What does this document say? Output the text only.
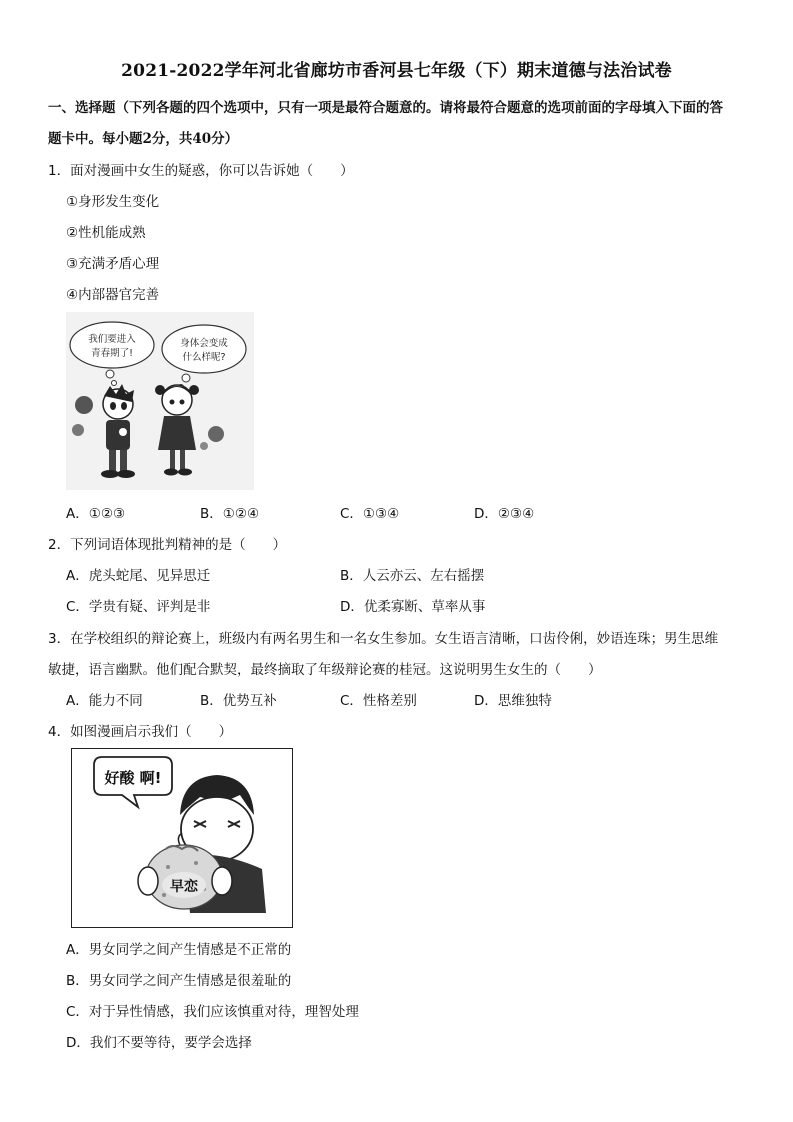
2021-2022学年河北省廊坊市香河县七年级（下）期末道德与法治试卷
一、选择题（下列各题的四个选项中，只有一项是最符合题意的。请将最符合题意的选项前面的字母填入下面的答
题卡中。每小题2分，共40分）
1．面对漫画中女生的疑惑，你可以告诉她（　　）
①身形发生变化
②性机能成熟
③充满矛盾心理
④内部器官完善
我们要进入
青春期了!
身体会变成
什么样呢?
A．①②③	B．①②④	C．①③④	D．②③④
2．下列词语体现批判精神的是（　　）
A．虎头蛇尾、见异思迁	B．人云亦云、左右摇摆
C．学贵有疑、评判是非	D．优柔寡断、草率从事
3．在学校组织的辩论赛上，班级内有两名男生和一名女生参加。女生语言清晰，口齿伶俐，妙语连珠；男生思维
敏捷，语言幽默。他们配合默契，最终摘取了年级辩论赛的桂冠。这说明男生女生的（　　）
A．能力不同	B．优势互补	C．性格差别	D．思维独特
4．如图漫画启示我们（　　）
好酸 啊!
早恋
A．男女同学之间产生情感是不正常的
B．男女同学之间产生情感是很羞耻的
C．对于异性情感，我们应该慎重对待，理智处理
D．我们不要等待，要学会选择
